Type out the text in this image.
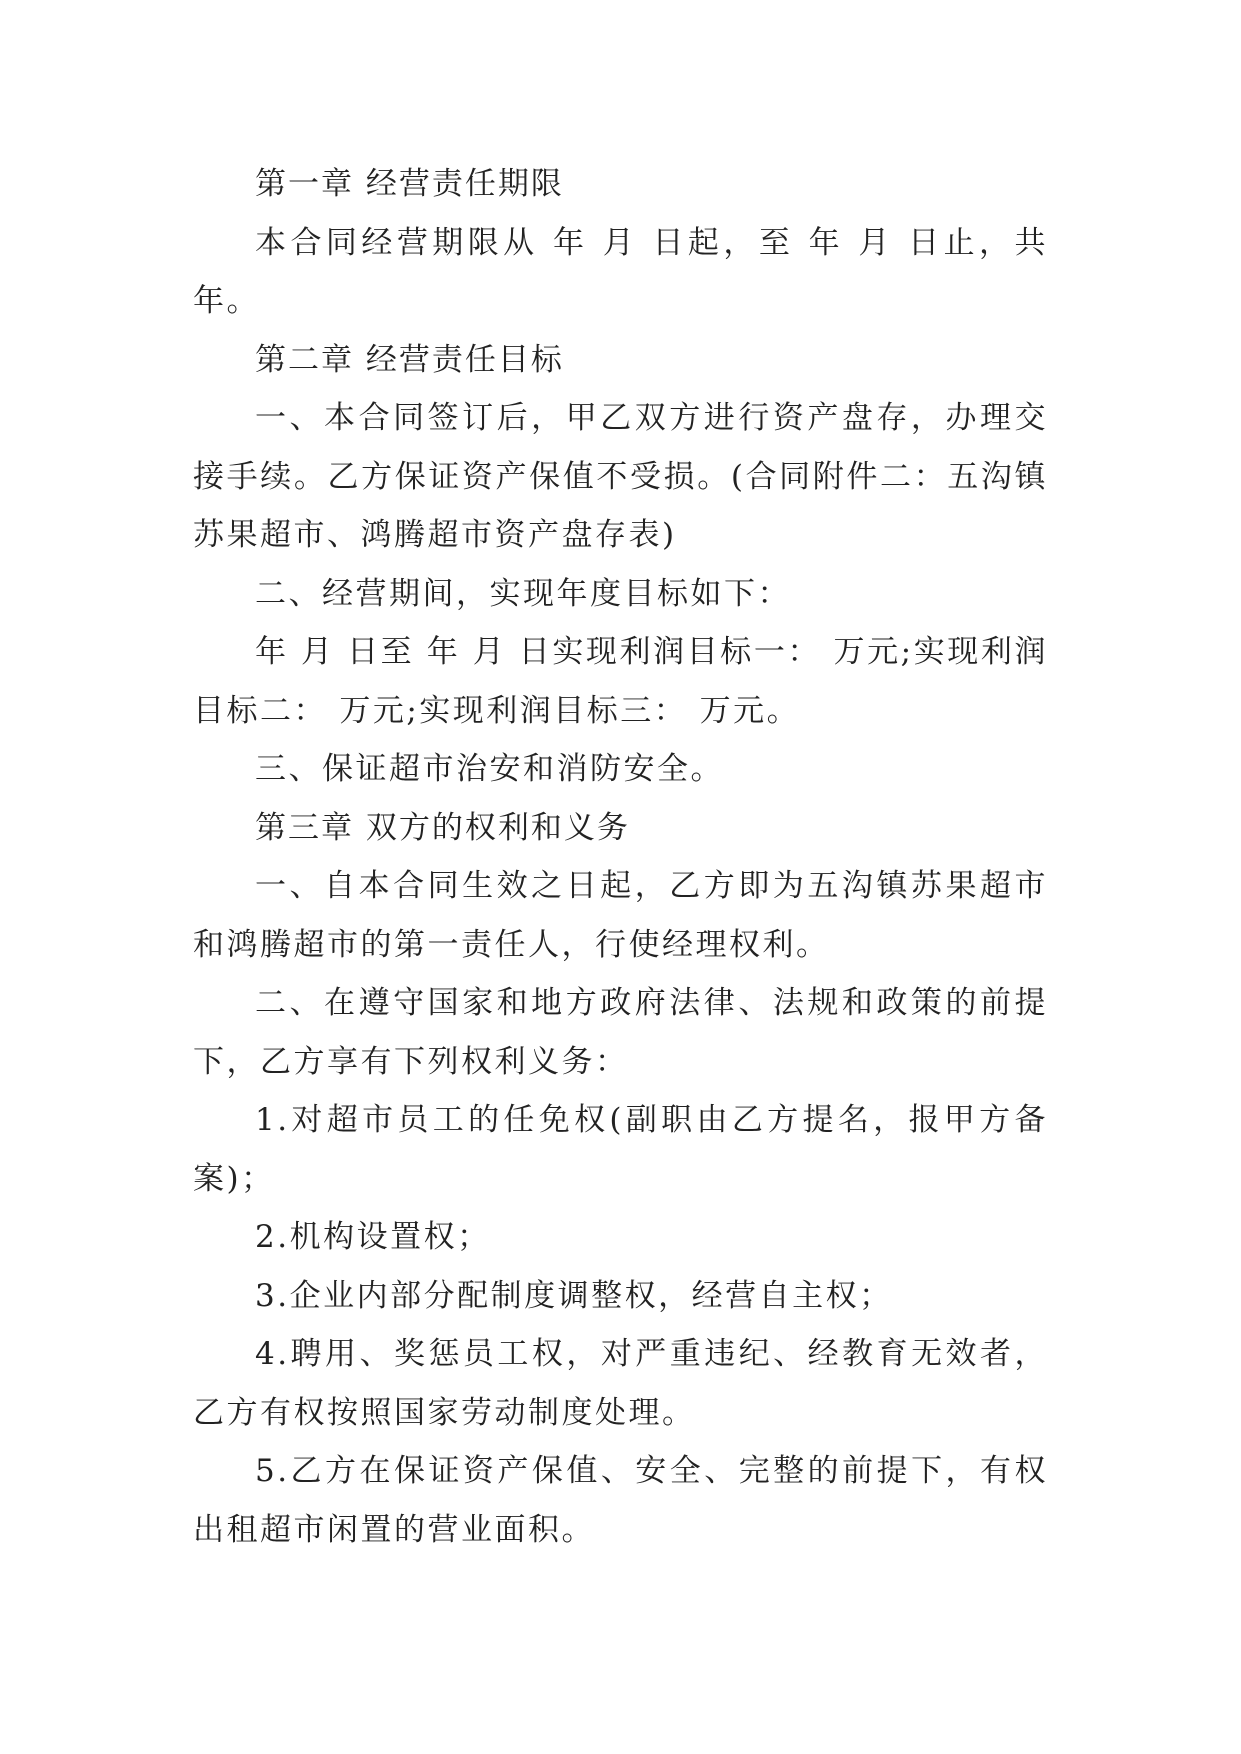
第一章 经营责任期限

本合同经营期限从 年 月 日起，至 年 月 日止，共 年。

第二章 经营责任目标

一、本合同签订后，甲乙双方进行资产盘存，办理交接手续。乙方保证资产保值不受损。(合同附件二：五沟镇苏果超市、鸿腾超市资产盘存表)

二、经营期间，实现年度目标如下：

年 月 日至 年 月 日实现利润目标一： 万元;实现利润目标二： 万元;实现利润目标三： 万元。

三、保证超市治安和消防安全。

第三章 双方的权利和义务

一、自本合同生效之日起，乙方即为五沟镇苏果超市和鸿腾超市的第一责任人，行使经理权利。

二、在遵守国家和地方政府法律、法规和政策的前提下，乙方享有下列权利义务：

1.对超市员工的任免权(副职由乙方提名，报甲方备案)；

2.机构设置权；

3.企业内部分配制度调整权，经营自主权；

4.聘用、奖惩员工权，对严重违纪、经教育无效者，乙方有权按照国家劳动制度处理。

5.乙方在保证资产保值、安全、完整的前提下，有权出租超市闲置的营业面积。
